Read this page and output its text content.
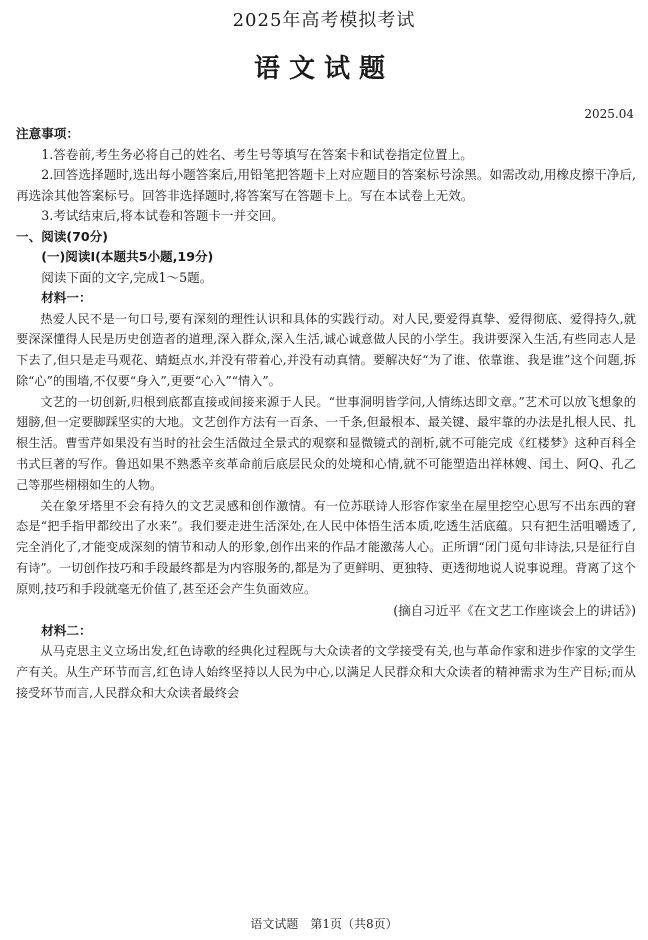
2025年高考模拟考试
语文试题
2025.04

注意事项：

1.答卷前,考生务必将自己的姓名、考生号等填写在答案卡和试卷指定位置上。

2.回答选择题时,选出每小题答案后,用铅笔把答题卡上对应题目的答案标号涂黑。如需改动,用橡皮擦干净后,再选涂其他答案标号。回答非选择题时,将答案写在答题卡上。写在本试卷上无效。

3.考试结束后,将本试卷和答题卡一并交回。

一、阅读(70分)

(一)阅读Ⅰ(本题共5小题,19分)

阅读下面的文字,完成1～5题。

材料一：

热爱人民不是一句口号,要有深刻的理性认识和具体的实践行动。对人民,要爱得真挚、爱得彻底、爱得持久,就要深深懂得人民是历史创造者的道理,深入群众,深入生活,诚心诚意做人民的小学生。我讲要深入生活,有些同志人是下去了,但只是走马观花、蜻蜓点水,并没有带着心,并没有动真情。要解决好“为了谁、依靠谁、我是谁”这个问题,拆除“心”的围墙,不仅要“身入”,更要“心入”“情入”。

文艺的一切创新,归根到底都直接或间接来源于人民。“世事洞明皆学问,人情练达即文章。”艺术可以放飞想象的翅膀,但一定要脚踩坚实的大地。文艺创作方法有一百条、一千条,但最根本、最关键、最牢靠的办法是扎根人民、扎根生活。曹雪芹如果没有当时的社会生活做过全景式的观察和显微镜式的剖析,就不可能完成《红楼梦》这种百科全书式巨著的写作。鲁迅如果不熟悉辛亥革命前后底层民众的处境和心情,就不可能塑造出祥林嫂、闰土、阿Q、孔乙己等那些栩栩如生的人物。

关在象牙塔里不会有持久的文艺灵感和创作激情。有一位苏联诗人形容作家坐在屋里挖空心思写不出东西的窘态是“把手指甲都绞出了水来”。我们要走进生活深处,在人民中体悟生活本质,吃透生活底蕴。只有把生活咀嚼透了,完全消化了,才能变成深刻的情节和动人的形象,创作出来的作品才能激荡人心。正所谓“闭门觅句非诗法,只是征行自有诗”。一切创作技巧和手段最终都是为内容服务的,都是为了更鲜明、更独特、更透彻地说人说事说理。背离了这个原则,技巧和手段就毫无价值了,甚至还会产生负面效应。

(摘自习近平《在文艺工作座谈会上的讲话》)

材料二：

从马克思主义立场出发,红色诗歌的经典化过程既与大众读者的文学接受有关,也与革命作家和进步作家的文学生产有关。从生产环节而言,红色诗人始终坚持以人民为中心,以满足人民群众和大众读者的精神需求为生产目标;而从接受环节而言,人民群众和大众读者最终会

语文试题　第1页（共8页）
